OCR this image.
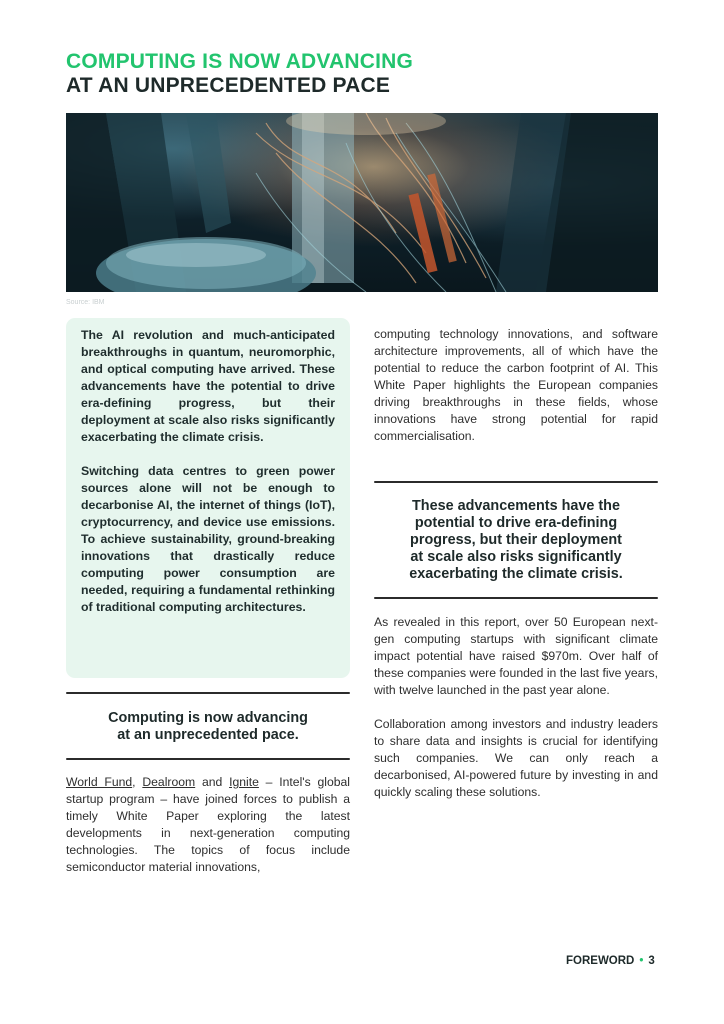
COMPUTING IS NOW ADVANCING
AT AN UNPRECEDENTED PACE
Source: IBM

The AI revolution and much-anticipated breakthroughs in quantum, neuromorphic, and optical computing have arrived. These advancements have the potential to drive era-defining progress, but their deployment at scale also risks significantly exacerbating the climate crisis.

Switching data centres to green power sources alone will not be enough to decarbonise AI, the internet of things (IoT), cryptocurrency, and device use emissions. To achieve sustainability, ground-breaking innovations that drastically reduce computing power consumption are needed, requiring a fundamental rethinking of traditional computing architectures.

Computing is now advancing
at an unprecedented pace.

World Fund, Dealroom and Ignite – Intel's global startup program – have joined forces to publish a timely White Paper exploring the latest developments in next-generation computing technologies. The topics of focus include semiconductor material innovations,

computing technology innovations, and software architecture improvements, all of which have the potential to reduce the carbon footprint of AI. This White Paper highlights the European companies driving breakthroughs in these fields, whose innovations have strong potential for rapid commercialisation.

These advancements have the
potential to drive era-defining
progress, but their deployment
at scale also risks significantly
exacerbating the climate crisis.

As revealed in this report, over 50 European next-gen computing startups with significant climate impact potential have raised $970m. Over half of these companies were founded in the last five years, with twelve launched in the past year alone.

Collaboration among investors and industry leaders to share data and insights is crucial for identifying such companies. We can only reach a decarbonised, AI-powered future by investing in and quickly scaling these solutions.

FOREWORD • 3
